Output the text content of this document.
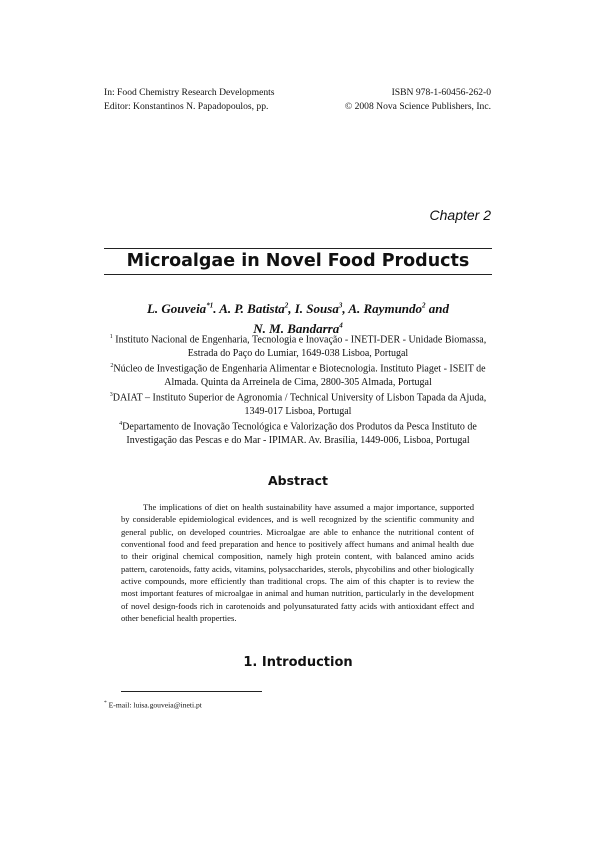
In: Food Chemistry Research Developments
Editor: Konstantinos N. Papadopoulos, pp.
ISBN 978-1-60456-262-0
© 2008 Nova Science Publishers, Inc.
Chapter 2
Microalgae in Novel Food Products
L. Gouveia$^{*1}$. A. P. Batista$^2$, I. Sousa$^3$, A. Raymundo$^2$ and
N. M. Bandarra$^4$
$^1$ Instituto Nacional de Engenharia, Tecnologia e Inovação - INETI-DER - Unidade Biomassa, Estrada do Paço do Lumiar, 1649-038 Lisboa, Portugal
$^2$Núcleo de Investigação de Engenharia Alimentar e Biotecnologia. Instituto Piaget - ISEIT de Almada. Quinta da Arreinela de Cima, 2800-305 Almada, Portugal
$^3$DAIAT – Instituto Superior de Agronomia / Technical University of Lisbon Tapada da Ajuda, 1349-017 Lisboa, Portugal
$^4$Departamento de Inovação Tecnológica e Valorização dos Produtos da Pesca Instituto de Investigação das Pescas e do Mar - IPIMAR. Av. Brasília, 1449-006, Lisboa, Portugal
Abstract
The implications of diet on health sustainability have assumed a major importance, supported by considerable epidemiological evidences, and is well recognized by the scientific community and general public, on developed countries. Microalgae are able to enhance the nutritional content of conventional food and feed preparation and hence to positively affect humans and animal health due to their original chemical composition, namely high protein content, with balanced amino acids pattern, carotenoids, fatty acids, vitamins, polysaccharides, sterols, phycobilins and other biologically active compounds, more efficiently than traditional crops. The aim of this chapter is to review the most important features of microalgae in animal and human nutrition, particularly in the development of novel design-foods rich in carotenoids and polyunsaturated fatty acids with antioxidant effect and other beneficial health properties.
1. Introduction
* E-mail: luisa.gouveia@ineti.pt
